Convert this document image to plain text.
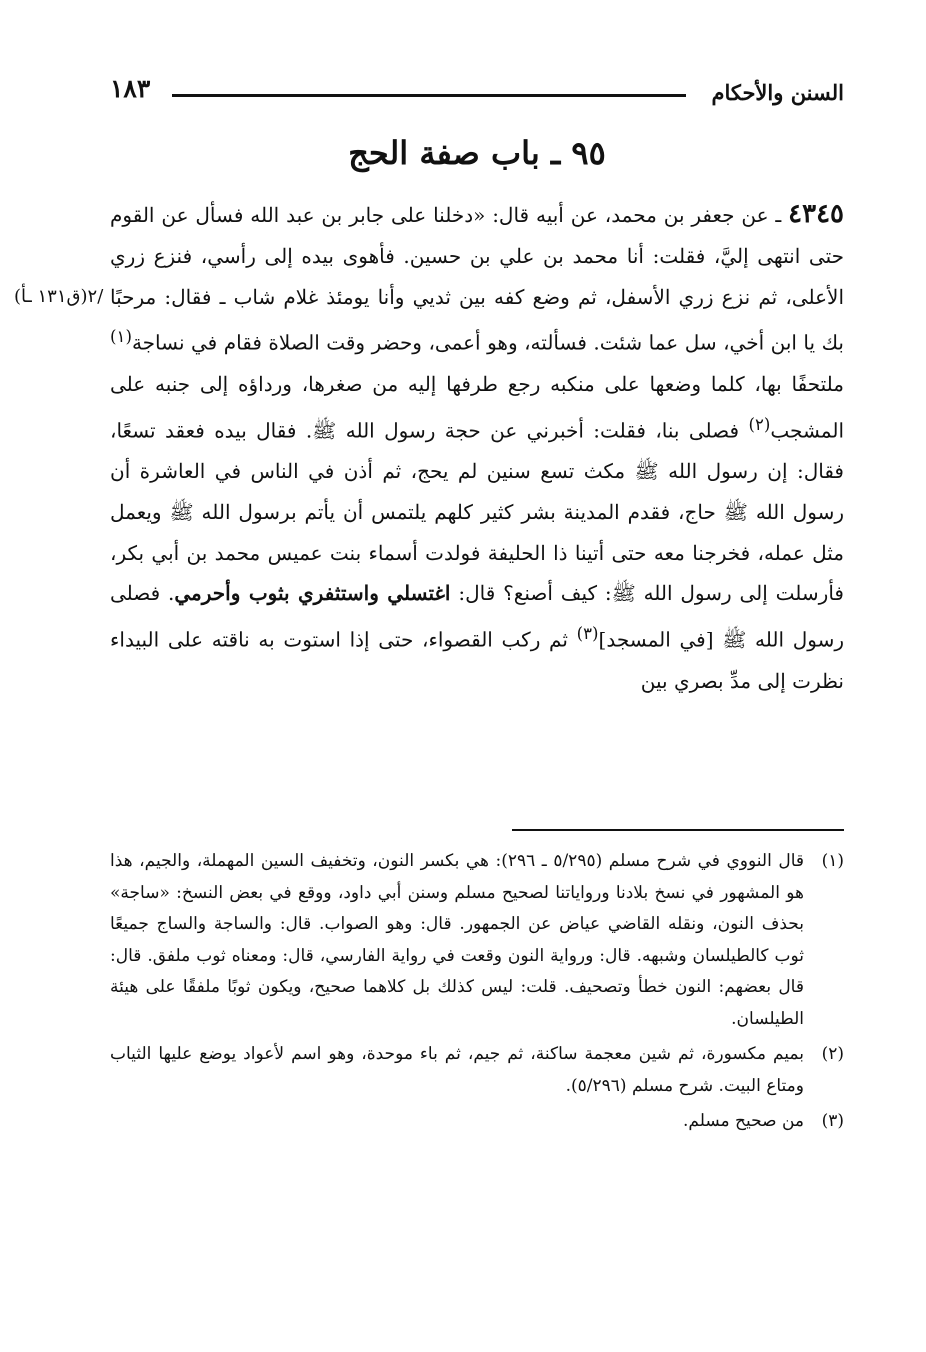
السنن والأحكام
١٨٣
٩٥ ـ باب صفة الحج
٤٣٤٥ ـ عن جعفر بن محمد، عن أبيه قال: «دخلنا على جابر بن عبد الله فسأل عن القوم حتى انتهى إليَّ، فقلت: أنا محمد بن علي بن حسين. فأهوى بيده إلى رأسي، فنزع زري الأعلى، ثم نزع زري الأسفل، ثم وضع كفه بين ثديي وأنا يومئذ غلام شاب ـ فقال: مرحبًا بك يا ابن أخي، سل عما شئت. فسألته، وهو أعمى، وحضر وقت الصلاة فقام في نساجة$^{(١)}$ ملتحفًا بها، كلما وضعها على منكبه رجع طرفها إليه من صغرها، ورداؤه إلى جنبه على المشجب$^{(٢)}$ فصلى بنا، فقلت: أخبرني عن حجة رسول الله ﷺ. فقال بيده فعقد تسعًا، فقال: إن رسول الله ﷺ مكث تسع سنين لم يحج، ثم أذن في الناس في العاشرة أن رسول الله ﷺ حاج، فقدم المدينة بشر كثير كلهم يلتمس أن يأتم برسول الله ﷺ ويعمل مثل عمله، فخرجنا معه حتى أتينا ذا الحليفة فولدت أسماء بنت عميس محمد بن أبي بكر، فأرسلت إلى رسول الله ﷺ: كيف أصنع؟ قال: اغتسلي واستثفري بثوب وأحرمي. فصلى رسول الله ﷺ [في المسجد]$^{(٣)}$ ثم ركب القصواء، حتى إذا استوت به ناقته على البيداء نظرت إلى مدِّ بصري بين
/٢(ق١٣١ ـأ)
(١)
قال النووي في شرح مسلم (٥/٢٩٥ ـ ٢٩٦): هي بكسر النون، وتخفيف السين المهملة، والجيم، هذا هو المشهور في نسخ بلادنا ورواياتنا لصحيح مسلم وسنن أبي داود، ووقع في بعض النسخ: «ساجة» بحذف النون، ونقله القاضي عياض عن الجمهور. قال: وهو الصواب. قال: والساجة والساج جميعًا ثوب كالطيلسان وشبهه. قال: ورواية النون وقعت في رواية الفارسي، قال: ومعناه ثوب ملفق. قال: قال بعضهم: النون خطأ وتصحيف. قلت: ليس كذلك بل كلاهما صحيح، ويكون ثوبًا ملفقًا على هيئة الطيلسان.
(٢)
بميم مكسورة، ثم شين معجمة ساكنة، ثم جيم، ثم باء موحدة، وهو اسم لأعواد يوضع عليها الثياب ومتاع البيت. شرح مسلم (٥/٢٩٦).
(٣)
من صحيح مسلم.
